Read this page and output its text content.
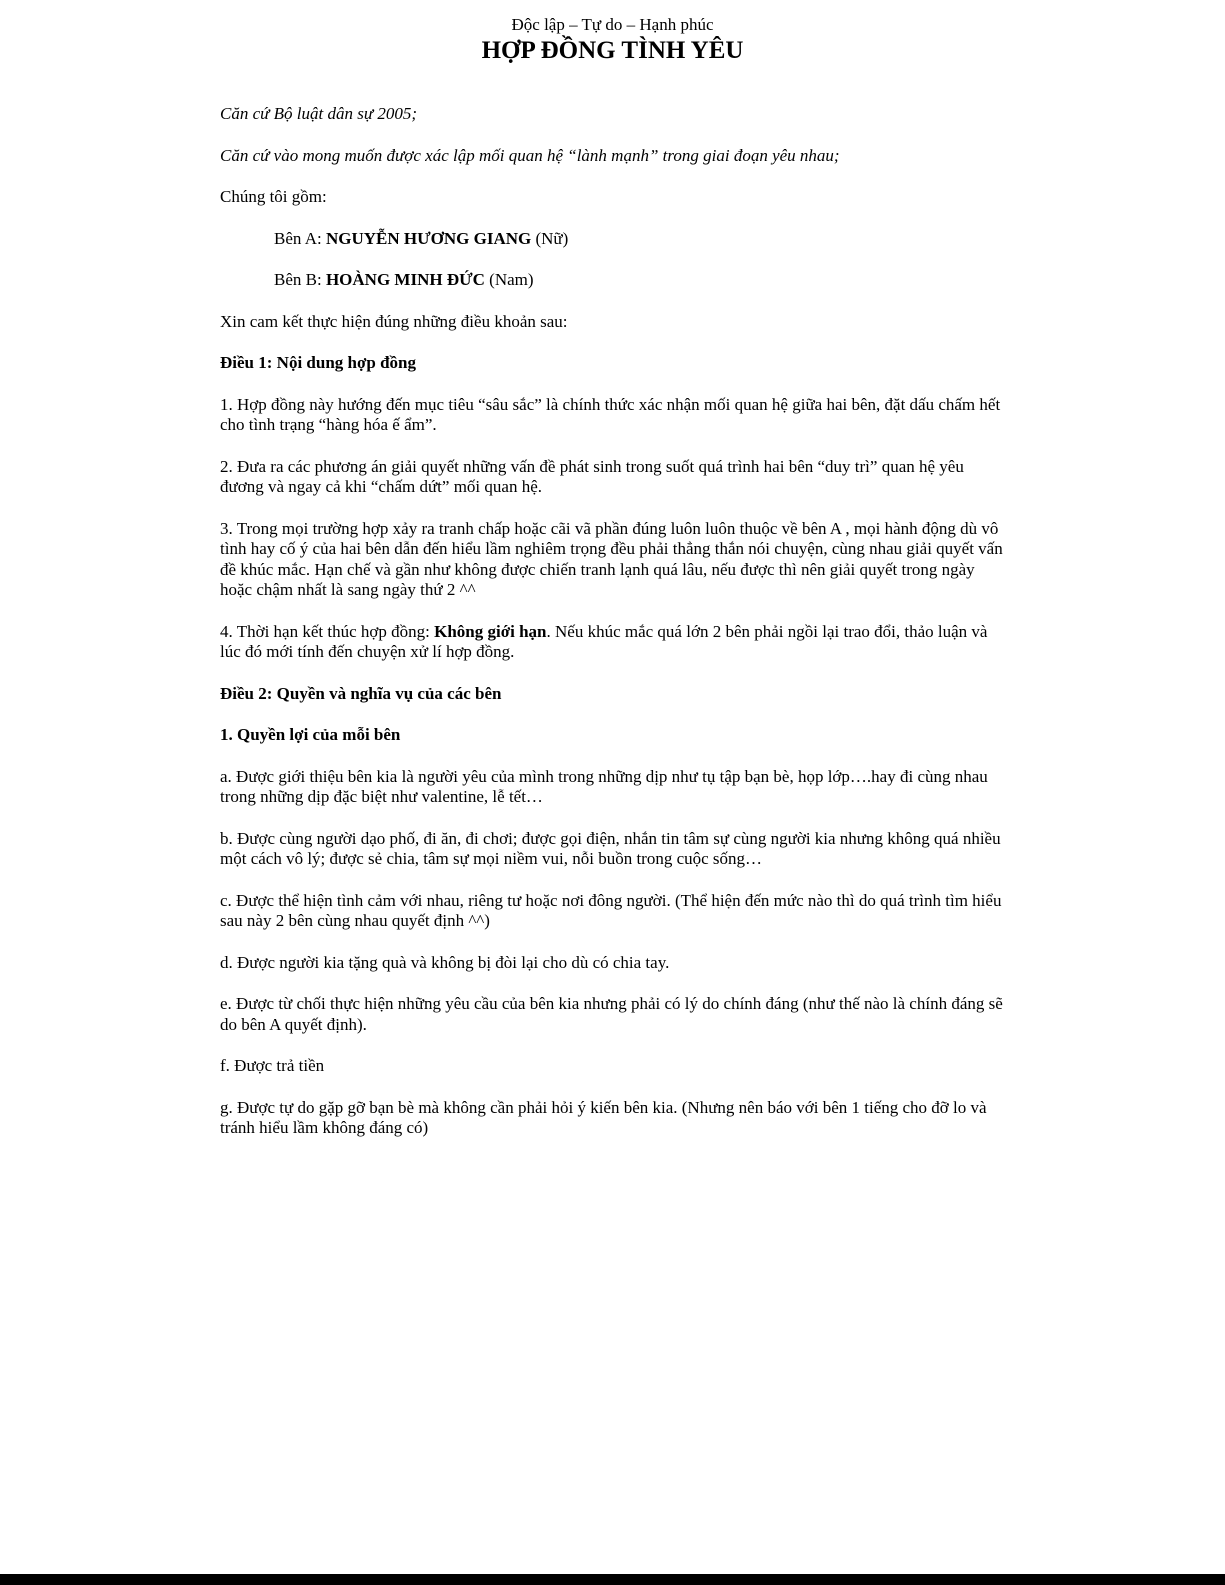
Độc lập – Tự do – Hạnh phúc
HỢP ĐỒNG TÌNH YÊU

Căn cứ Bộ luật dân sự 2005;

Căn cứ vào mong muốn được xác lập mối quan hệ “lành mạnh” trong giai đoạn yêu nhau;

Chúng tôi gồm:

Bên A: NGUYỄN HƯƠNG GIANG (Nữ)

Bên B: HOÀNG MINH ĐỨC (Nam)

Xin cam kết thực hiện đúng những điều khoản sau:

Điều 1: Nội dung hợp đồng

1. Hợp đồng này hướng đến mục tiêu “sâu sắc” là chính thức xác nhận mối quan hệ giữa hai bên, đặt dấu chấm hết cho tình trạng “hàng hóa ế ẩm”.

2. Đưa ra các phương án giải quyết những vấn đề phát sinh trong suốt quá trình hai bên “duy trì” quan hệ yêu đương và ngay cả khi “chấm dứt” mối quan hệ.

3. Trong mọi trường hợp xảy ra tranh chấp hoặc cãi vã phần đúng luôn luôn thuộc về bên A , mọi hành động dù vô tình hay cố ý của hai bên dẫn đến hiểu lầm nghiêm trọng đều phải thẳng thắn nói chuyện, cùng nhau giải quyết vấn đề khúc mắc. Hạn chế và gần như không được chiến tranh lạnh quá lâu, nếu được thì nên giải quyết trong ngày hoặc chậm nhất là sang ngày thứ 2 ^^

4. Thời hạn kết thúc hợp đồng: Không giới hạn. Nếu khúc mắc quá lớn 2 bên phải ngồi lại trao đổi, thảo luận và lúc đó mới tính đến chuyện xử lí hợp đồng.

Điều 2: Quyền và nghĩa vụ của các bên

1. Quyền lợi của mỗi bên

a. Được giới thiệu bên kia là người yêu của mình trong những dịp như tụ tập bạn bè, họp lớp….hay đi cùng nhau trong những dịp đặc biệt như valentine, lễ tết…

b. Được cùng người dạo phố, đi ăn, đi chơi; được gọi điện, nhắn tin tâm sự cùng người kia nhưng không quá nhiều một cách vô lý; được sẻ chia, tâm sự mọi niềm vui, nỗi buồn trong cuộc sống…

c. Được thể hiện tình cảm với nhau, riêng tư hoặc nơi đông người. (Thể hiện đến mức nào thì do quá trình tìm hiểu sau này 2 bên cùng nhau quyết định ^^)

d. Được người kia tặng quà và không bị đòi lại cho dù có chia tay.

e. Được từ chối thực hiện những yêu cầu của bên kia nhưng phải có lý do chính đáng (như thế nào là chính đáng sẽ do bên A quyết định).

f. Được trả tiền

g. Được tự do gặp gỡ bạn bè mà không cần phải hỏi ý kiến bên kia. (Nhưng nên báo với bên 1 tiếng cho đỡ lo và tránh hiểu lầm không đáng có)
